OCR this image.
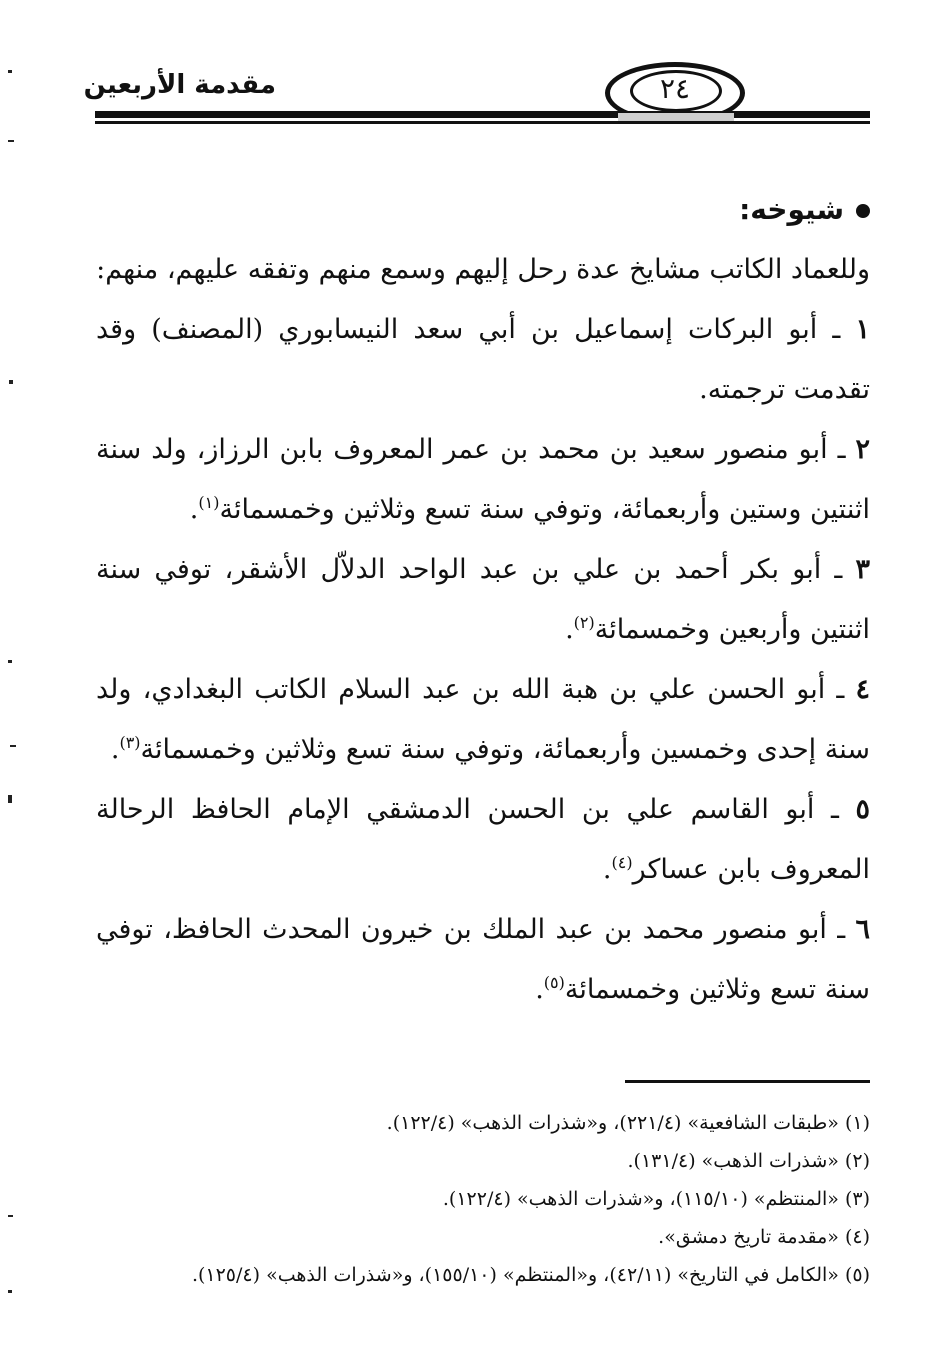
مقدمة الأربعين	٢٤

شيوخه:

وللعماد الكاتب مشايخ عدة رحل إليهم وسمع منهم وتفقه عليهم، منهم:

١ ـ أبو البركات إسماعيل بن أبي سعد النيسابوري (المصنف) وقد تقدمت ترجمته.

٢ ـ أبو منصور سعيد بن محمد بن عمر المعروف بابن الرزاز، ولد سنة اثنتين وستين وأربعمائة، وتوفي سنة تسع وثلاثين وخمسمائة$^{(١)}$.

٣ ـ أبو بكر أحمد بن علي بن عبد الواحد الدلاّل الأشقر، توفي سنة اثنتين وأربعين وخمسمائة$^{(٢)}$.

٤ ـ أبو الحسن علي بن هبة الله بن عبد السلام الكاتب البغدادي، ولد سنة إحدى وخمسين وأربعمائة، وتوفي سنة تسع وثلاثين وخمسمائة$^{(٣)}$.

٥ ـ أبو القاسم علي بن الحسن الدمشقي الإمام الحافظ الرحالة المعروف بابن عساكر$^{(٤)}$.

٦ ـ أبو منصور محمد بن عبد الملك بن خيرون المحدث الحافظ، توفي سنة تسع وثلاثين وخمسمائة$^{(٥)}$.

(١) «طبقات الشافعية» (٢٢١/٤)، و«شذرات الذهب» (١٢٢/٤).

(٢) «شذرات الذهب» (١٣١/٤).

(٣) «المنتظم» (١١٥/١٠)، و«شذرات الذهب» (١٢٢/٤).

(٤) «مقدمة تاريخ دمشق».

(٥) «الكامل في التاريخ» (٤٢/١١)، و«المنتظم» (١٥٥/١٠)، و«شذرات الذهب» (١٢٥/٤).
